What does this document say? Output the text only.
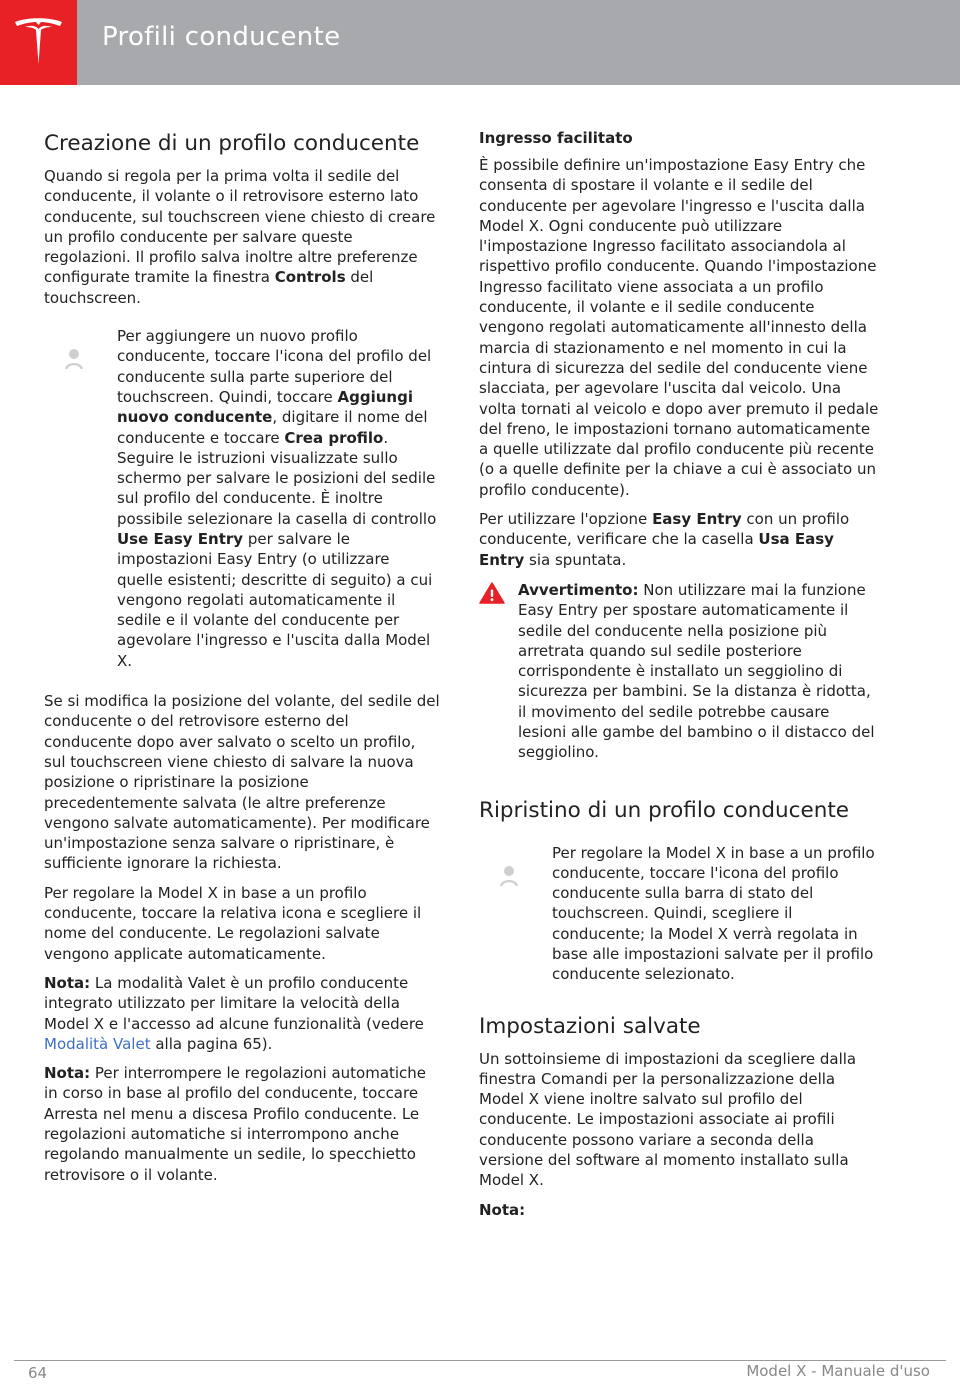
Profili conducente
Creazione di un profilo conducente

Quando si regola per la prima volta il sedile del conducente, il volante o il retrovisore esterno lato conducente, sul touchscreen viene chiesto di creare un profilo conducente per salvare queste regolazioni. Il profilo salva inoltre altre preferenze configurate tramite la finestra Controls del touchscreen.

Per aggiungere un nuovo profilo conducente, toccare l'icona del profilo del conducente sulla parte superiore del touchscreen. Quindi, toccare Aggiungi nuovo conducente, digitare il nome del conducente e toccare Crea profilo. Seguire le istruzioni visualizzate sullo schermo per salvare le posizioni del sedile sul profilo del conducente. È inoltre possibile selezionare la casella di controllo Use Easy Entry per salvare le impostazioni Easy Entry (o utilizzare quelle esistenti; descritte di seguito) a cui vengono regolati automaticamente il sedile e il volante del conducente per agevolare l'ingresso e l'uscita dalla Model X.

Se si modifica la posizione del volante, del sedile del conducente o del retrovisore esterno del conducente dopo aver salvato o scelto un profilo, sul touchscreen viene chiesto di salvare la nuova posizione o ripristinare la posizione precedentemente salvata (le altre preferenze vengono salvate automaticamente). Per modificare un'impostazione senza salvare o ripristinare, è sufficiente ignorare la richiesta.

Per regolare la Model X in base a un profilo conducente, toccare la relativa icona e scegliere il nome del conducente. Le regolazioni salvate vengono applicate automaticamente.

Nota: La modalità Valet è un profilo conducente integrato utilizzato per limitare la velocità della Model X e l'accesso ad alcune funzionalità (vedere Modalità Valet alla pagina 65).

Nota: Per interrompere le regolazioni automatiche in corso in base al profilo del conducente, toccare Arresta nel menu a discesa Profilo conducente. Le regolazioni automatiche si interrompono anche regolando manualmente un sedile, lo specchietto retrovisore o il volante.

Ingresso facilitato

È possibile definire un'impostazione Easy Entry che consenta di spostare il volante e il sedile del conducente per agevolare l'ingresso e l'uscita dalla Model X. Ogni conducente può utilizzare l'impostazione Ingresso facilitato associandola al rispettivo profilo conducente. Quando l'impostazione Ingresso facilitato viene associata a un profilo conducente, il volante e il sedile conducente vengono regolati automaticamente all'innesto della marcia di stazionamento e nel momento in cui la cintura di sicurezza del sedile del conducente viene slacciata, per agevolare l'uscita dal veicolo. Una volta tornati al veicolo e dopo aver premuto il pedale del freno, le impostazioni tornano automaticamente a quelle utilizzate dal profilo conducente più recente (o a quelle definite per la chiave a cui è associato un profilo conducente).

Per utilizzare l'opzione Easy Entry con un profilo conducente, verificare che la casella Usa Easy Entry sia spuntata.

Avvertimento: Non utilizzare mai la funzione Easy Entry per spostare automaticamente il sedile del conducente nella posizione più arretrata quando sul sedile posteriore corrispondente è installato un seggiolino di sicurezza per bambini. Se la distanza è ridotta, il movimento del sedile potrebbe causare lesioni alle gambe del bambino o il distacco del seggiolino.

Ripristino di un profilo conducente

Per regolare la Model X in base a un profilo conducente, toccare l'icona del profilo conducente sulla barra di stato del touchscreen. Quindi, scegliere il conducente; la Model X verrà regolata in base alle impostazioni salvate per il profilo conducente selezionato.

Impostazioni salvate

Un sottoinsieme di impostazioni da scegliere dalla finestra Comandi per la personalizzazione della Model X viene inoltre salvato sul profilo del conducente. Le impostazioni associate ai profili conducente possono variare a seconda della versione del software al momento installato sulla Model X.

Nota:

64	Model X - Manuale d'uso
